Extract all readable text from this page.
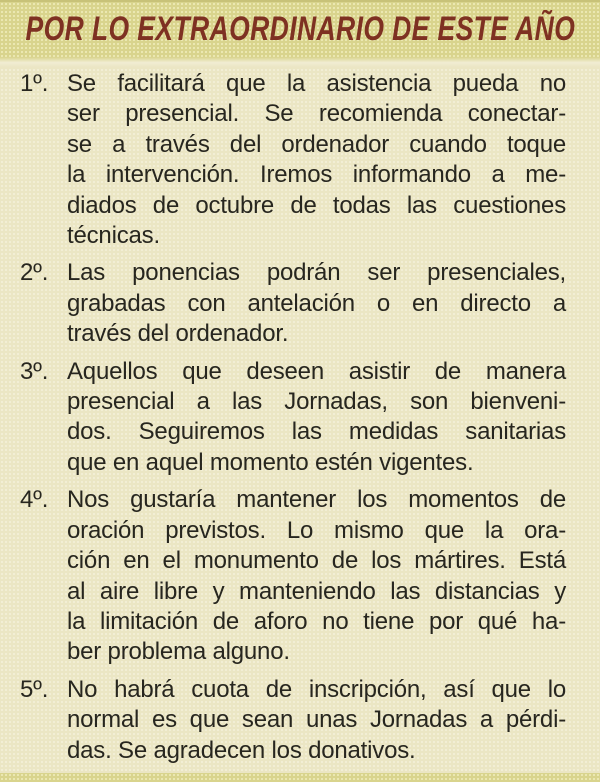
POR LO EXTRAORDINARIO DE ESTE AÑO
1º. Se facilitará que la asistencia pueda no
ser presencial. Se recomienda conectar-
se a través del ordenador cuando toque
la intervención. Iremos informando a me-
diados de octubre de todas las cuestiones
técnicas.
2º. Las ponencias podrán ser presenciales,
grabadas con antelación o en directo a
través del ordenador.
3º. Aquellos que deseen asistir de manera
presencial a las Jornadas, son bienveni-
dos. Seguiremos las medidas sanitarias
que en aquel momento estén vigentes.
4º. Nos gustaría mantener los momentos de
oración previstos. Lo mismo que la ora-
ción en el monumento de los mártires. Está
al aire libre y manteniendo las distancias y
la limitación de aforo no tiene por qué ha-
ber problema alguno.
5º. No habrá cuota de inscripción, así que lo
normal es que sean unas Jornadas a pérdi-
das. Se agradecen los donativos.
